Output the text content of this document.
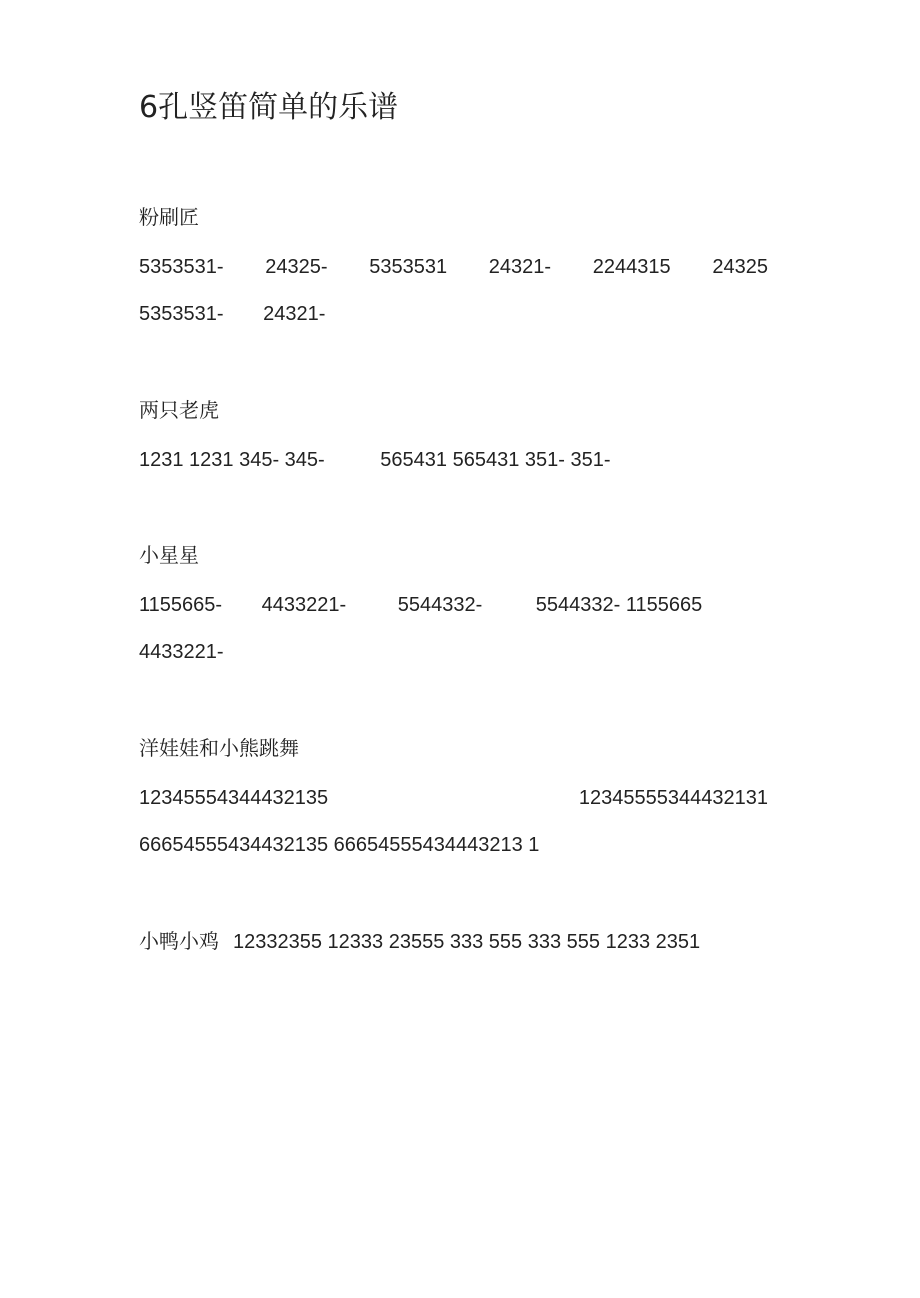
6孔竖笛简单的乐谱

粉刷匠

5353531- 24325- 5353531 24321- 2244315 24325
5353531- 24321-

两只老虎

1231 1231 345- 345-	565431 565431 351- 351-

小星星

1155665- 4433221-	5544332-	5544332- 1155665
4433221-

洋娃娃和小熊跳舞

12345554344432135	12345555344432131
66654555434432135 66654555434443213 1
小鸭小鸡 12332355 12333 23555 333 555 333 555 1233 2351
